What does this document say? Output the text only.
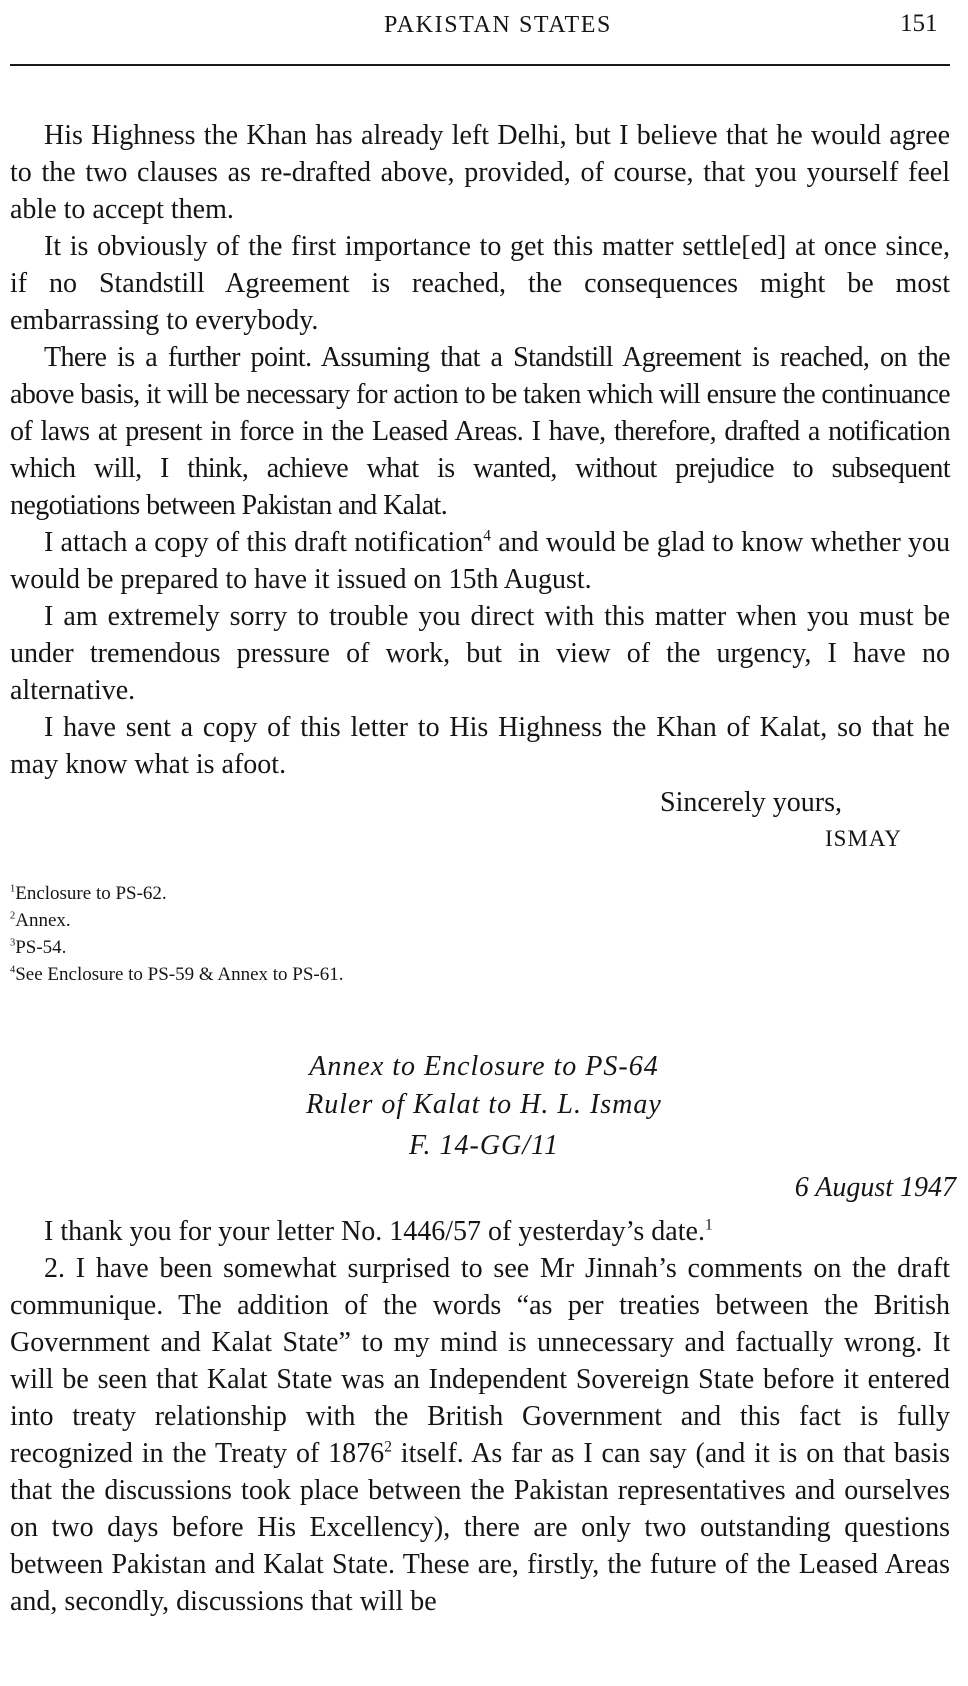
PAKISTAN STATES	151

His Highness the Khan has already left Delhi, but I believe that he would agree to the two clauses as re-drafted above, provided, of course, that you yourself feel able to accept them.

It is obviously of the first importance to get this matter settle[ed] at once since, if no Standstill Agreement is reached, the consequences might be most embarrassing to everybody.

There is a further point. Assuming that a Standstill Agreement is reached, on the above basis, it will be necessary for action to be taken which will ensure the continuance of laws at present in force in the Leased Areas. I have, therefore, drafted a notification which will, I think, achieve what is wanted, without prejudice to subsequent negotiations between Pakistan and Kalat.

I attach a copy of this draft notification$^4$ and would be glad to know whether you would be prepared to have it issued on 15th August.

I am extremely sorry to trouble you direct with this matter when you must be under tremendous pressure of work, but in view of the urgency, I have no alternative.

I have sent a copy of this letter to His Highness the Khan of Kalat, so that he may know what is afoot.

Sincerely yours,
ISMAY

$^1$Enclosure to PS-62.

$^2$Annex.

$^3$PS-54.

$^4$See Enclosure to PS-59 & Annex to PS-61.

Annex to Enclosure to PS-64
Ruler of Kalat to H. L. Ismay
F. 14-GG/11
6 August 1947

I thank you for your letter No. 1446/57 of yesterday’s date.$^1$

2. I have been somewhat surprised to see Mr Jinnah’s comments on the draft communique. The addition of the words “as per treaties between the British Government and Kalat State” to my mind is unnecessary and factually wrong. It will be seen that Kalat State was an Independent Sovereign State before it entered into treaty relationship with the British Government and this fact is fully recognized in the Treaty of 1876$^2$ itself. As far as I can say (and it is on that basis that the discussions took place between the Pakistan representatives and ourselves on two days before His Excellency), there are only two outstanding questions between Pakistan and Kalat State. These are, firstly, the future of the Leased Areas and, secondly, discussions that will be
